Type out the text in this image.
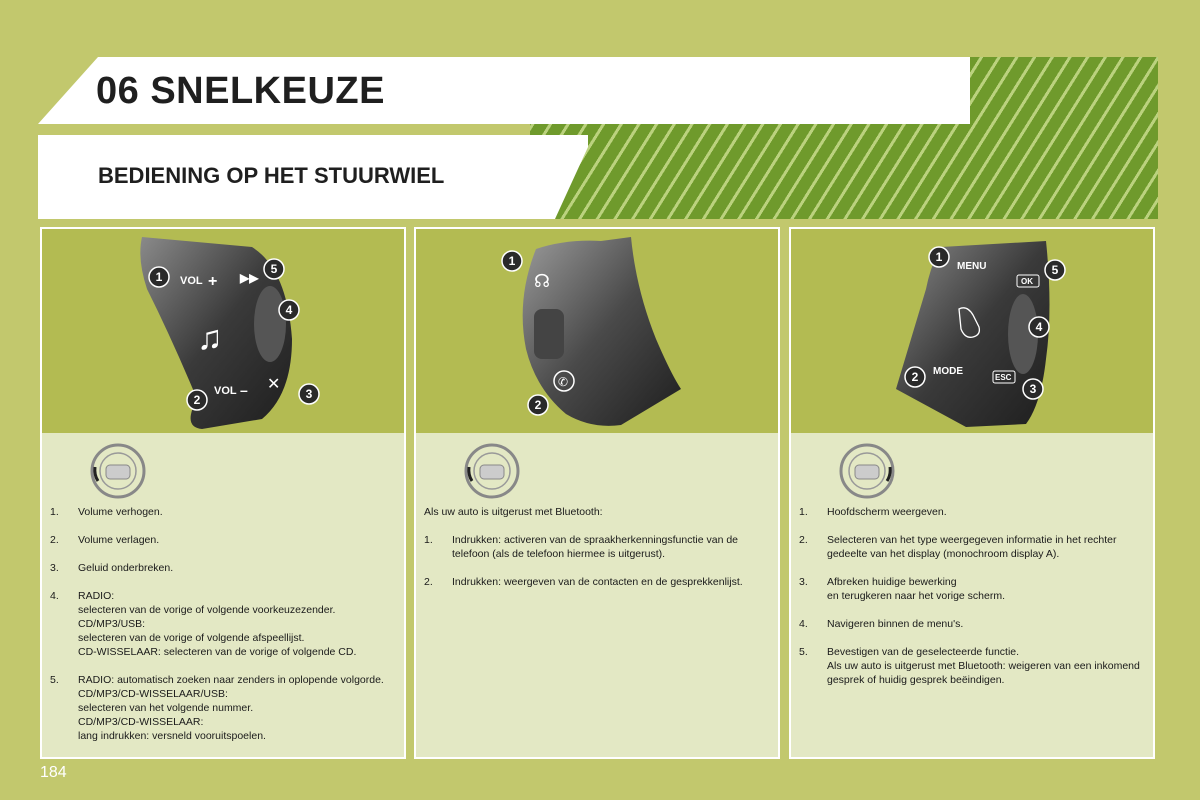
06 SNELKEUZE
BEDIENING OP HET STUURWIEL
VOL
VOL
+
–
▶▶
♫
✕
1
2	3
4
5
1.	Volume verhogen.
2.	Volume verlagen.
3.	Geluid onderbreken.
4.	RADIO:
selecteren van de vorige of volgende voorkeuzezender.
CD/MP3/USB:
selecteren van de vorige of volgende afspeellijst.
CD-WISSELAAR: selecteren van de vorige of volgende CD.
5.	RADIO: automatisch zoeken naar zenders in oplopende volgorde.
CD/MP3/CD-WISSELAAR/USB:
selecteren van het volgende nummer.
CD/MP3/CD-WISSELAAR:
lang indrukken: versneld vooruitspoelen.
☊
✆
1
2

Als uw auto is uitgerust met Bluetooth:

1.	Indrukken: activeren van de spraakherkenningsfunctie van de telefoon (als de telefoon hiermee is uitgerust).
2.	Indrukken: weergeven van de contacten en de gesprekkenlijst.
MENU
MODE
OK
ESC
1
2
3
4
5
1.	Hoofdscherm weergeven.
2.	Selecteren van het type weergegeven informatie in het rechter gedeelte van het display (monochroom display A).
3.	Afbreken huidige bewerking
en terugkeren naar het vorige scherm.
4.	Navigeren binnen de menu's.
5.	Bevestigen van de geselecteerde functie.
Als uw auto is uitgerust met Bluetooth: weigeren van een inkomend gesprek of huidig gesprek beëindigen.
184
